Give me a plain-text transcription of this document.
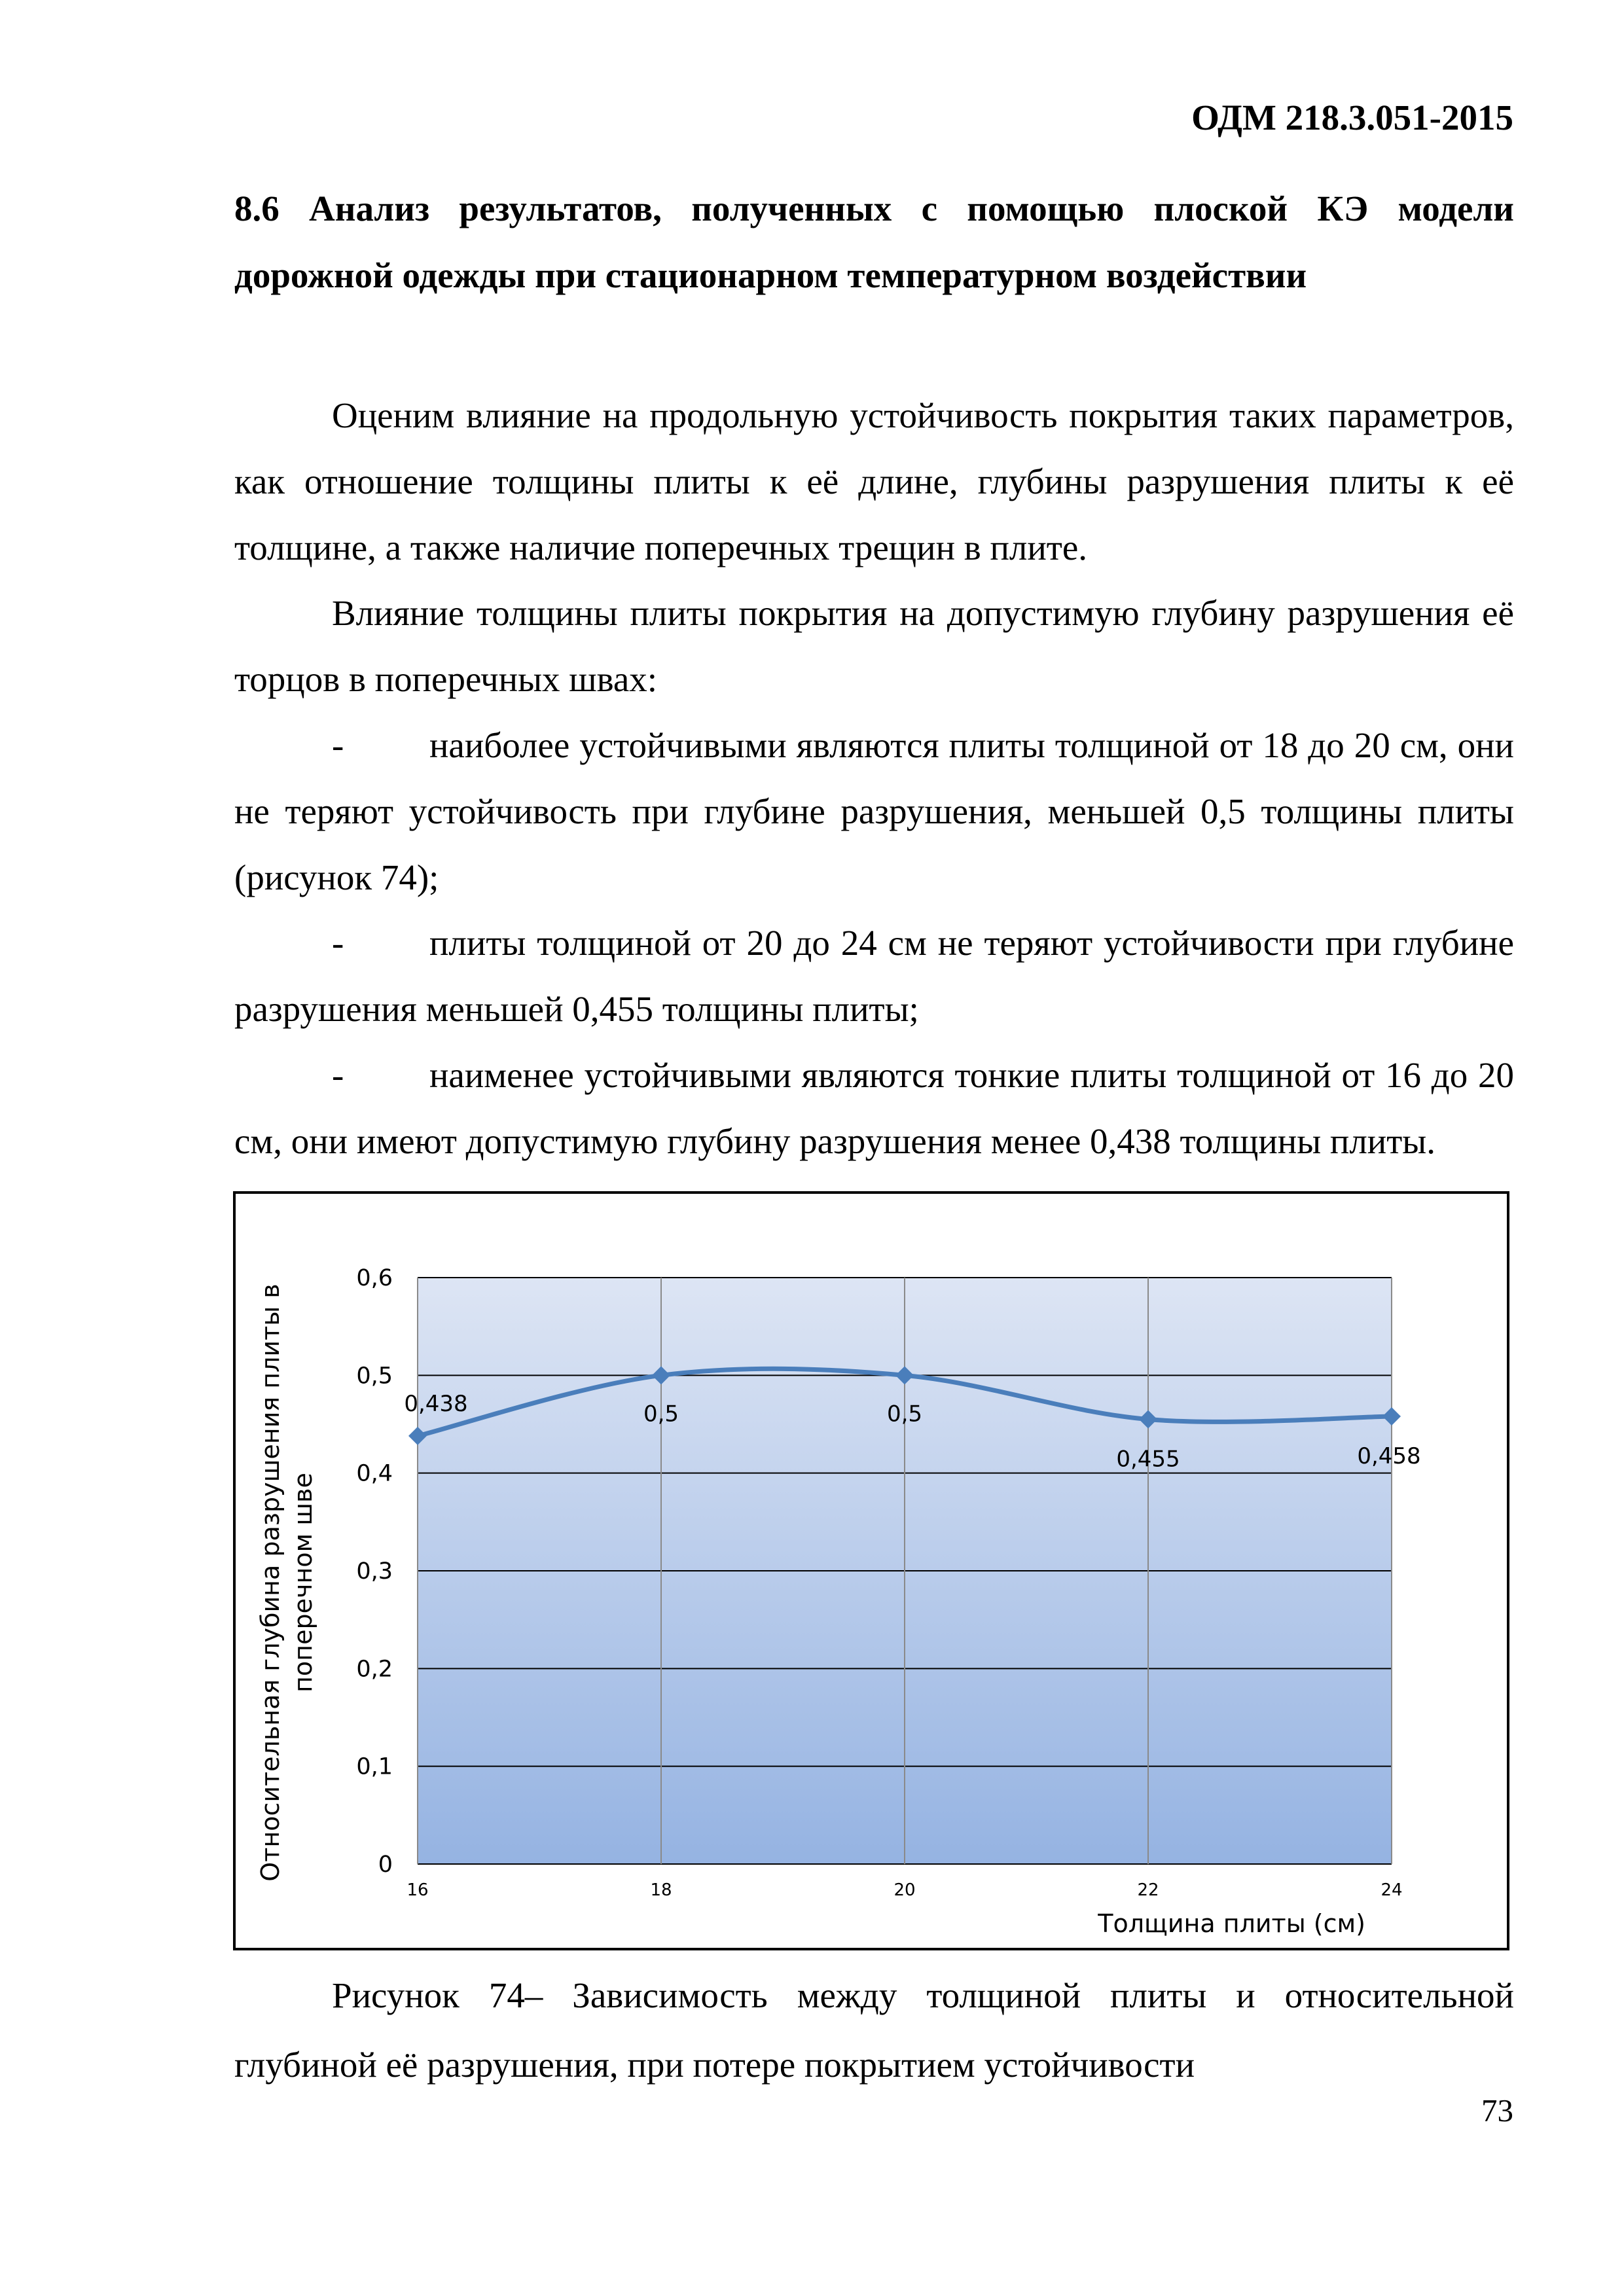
ОДМ 218.3.051-2015
8.6 Анализ результатов, полученных с помощью плоской КЭ модели дорожной одежды при стационарном температурном воздействии

Оценим влияние на продольную устойчивость покрытия таких параметров, как отношение толщины плиты к её длине, глубины разрушения плиты к её толщине, а также наличие поперечных трещин в плите.

Влияние толщины плиты покрытия на допустимую глубину разрушения её торцов в поперечных швах:

- наиболее устойчивыми являются плиты толщиной от 18 до 20 см, они не теряют устойчивость при глубине разрушения, меньшей 0,5 толщины плиты (рисунок 74);

- плиты толщиной от 20 до 24 см не теряют устойчивости при глубине разрушения меньшей 0,455 толщины плиты;

- наименее устойчивыми являются тонкие плиты толщиной от 16 до 20 см, они имеют допустимую глубину разрушения менее 0,438 толщины плиты.

0
0,1
0,2
0,3
0,4
0,5
0,6
16	18	20	22	24
0,438	0,5	0,5
0,455	0,458
Толщина плиты (см)
Относительная глубина разрушения плиты в поперечном шве

Рисунок 74– Зависимость между толщиной плиты и относительной глубиной её разрушения, при потере покрытием устойчивости

73
